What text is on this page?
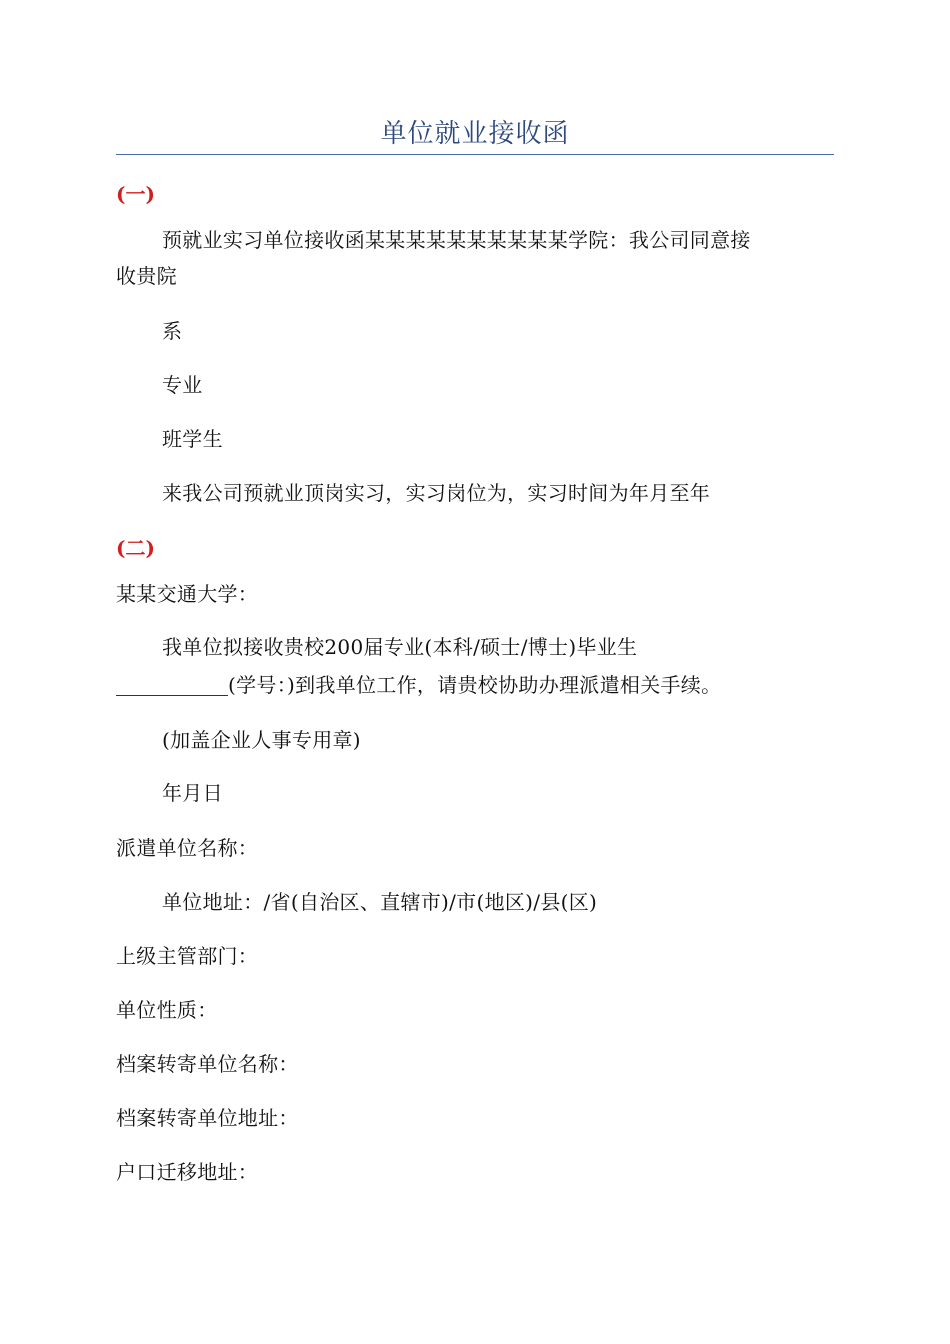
单位就业接收函
(一)
预就业实习单位接收函某某某某某某某某某某学院：我公司同意接
收贵院
系
专业
班学生
来我公司预就业顶岗实习，实习岗位为，实习时间为年月至年
(二)
某某交通大学：
我单位拟接收贵校200届专业(本科/硕士/博士)毕业生
(学号：)到我单位工作，请贵校协助办理派遣相关手续。
(加盖企业人事专用章)
年月日
派遣单位名称：
单位地址：/省(自治区、直辖市)/市(地区)/县(区)
上级主管部门：
单位性质：
档案转寄单位名称：
档案转寄单位地址：
户口迁移地址：
